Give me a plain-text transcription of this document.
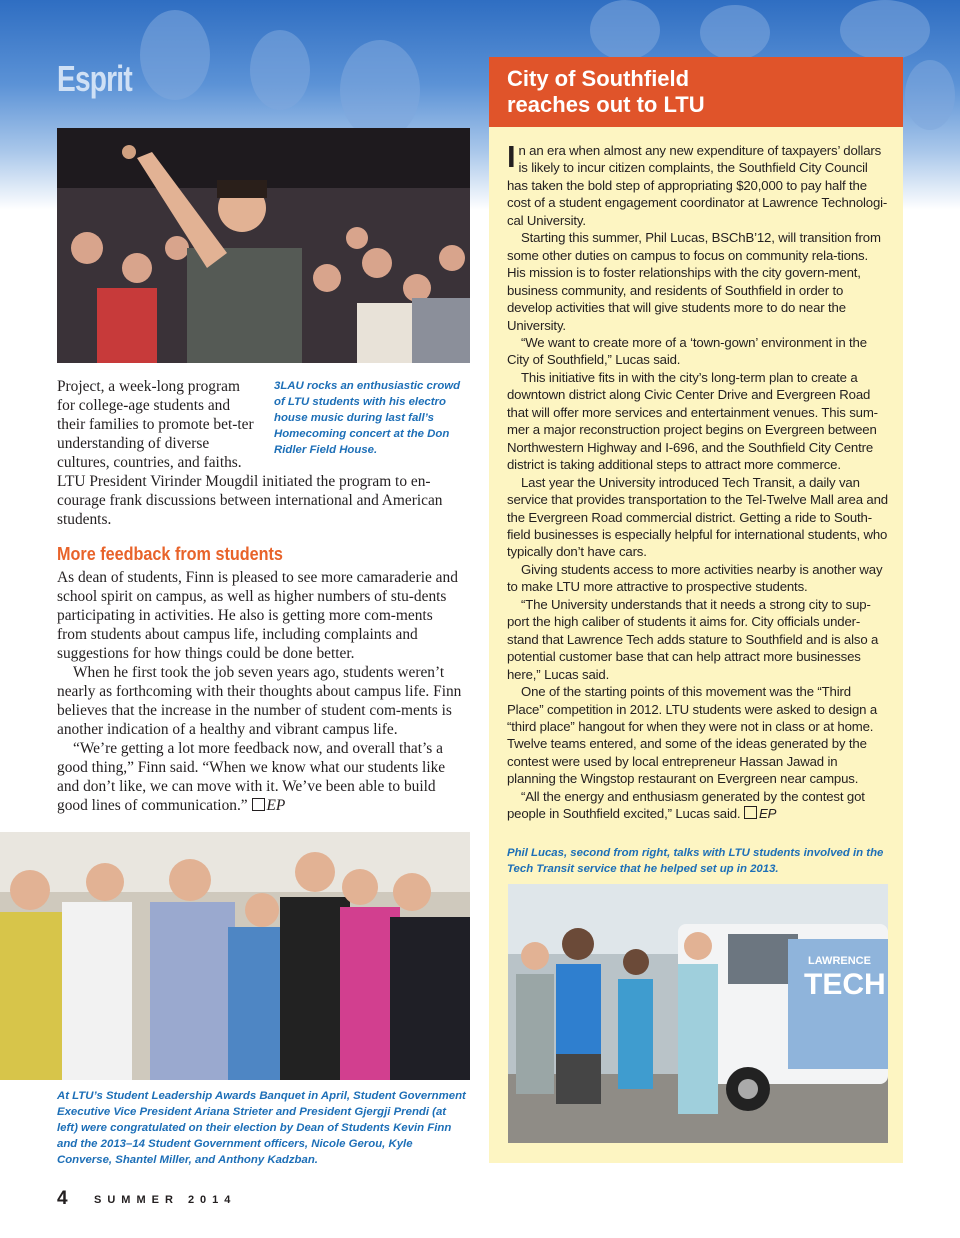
Esprit
3LAU rocks an enthusiastic crowd of LTU students with his electro house music during last fall’s Homecoming concert at the Don Ridler Field House.
Project, a week-long program for college-age students and their families to promote bet-ter understanding of diverse cultures, countries, and faiths.
LTU President Virinder Mougdil initiated the program to en-courage frank discussions between international and American students.
More feedback from students

As dean of students, Finn is pleased to see more camaraderie and school spirit on campus, as well as higher numbers of stu-dents participating in activities. He also is getting more com-ments from students about campus life, including complaints and suggestions for how things could be done better.

When he first took the job seven years ago, students weren’t nearly as forthcoming with their thoughts about campus life. Finn believes that the increase in the number of student com-ments is another indication of a healthy and vibrant campus life.

“We’re getting a lot more feedback now, and overall that’s a good thing,” Finn said. “When we know what our students like and don’t like, we can move with it. We’ve been able to build good lines of communication.” EP

At LTU’s Student Leadership Awards Banquet in April, Student Government Executive Vice President Ariana Strieter and President Gjergji Prendi (at left) were congratulated on their election by Dean of Students Kevin Finn and the 2013–14 Student Government officers, Nicole Gerou, Kyle Converse, Shantel Miller, and Anthony Kadzban.
City of Southfield
reaches out to LTU

In an era when almost any new expenditure of taxpayers’ dollars is likely to incur citizen complaints, the Southfield City Council has taken the bold step of appropriating $20,000 to pay half the cost of a student engagement coordinator at Lawrence Technologi-cal University.

Starting this summer, Phil Lucas, BSChB’12, will transition from some other duties on campus to focus on community rela-tions. His mission is to foster relationships with the city govern-ment, business community, and residents of Southfield in order to develop activities that will give students more to do near the University.

“We want to create more of a ‘town-gown’ environment in the City of Southfield,” Lucas said.

This initiative fits in with the city’s long-term plan to create a downtown district along Civic Center Drive and Evergreen Road that will offer more services and entertainment venues. This sum-mer a major reconstruction project begins on Evergreen between Northwestern Highway and I-696, and the Southfield City Centre district is taking additional steps to attract more commerce.

Last year the University introduced Tech Transit, a daily van service that provides transportation to the Tel-Twelve Mall area and the Evergreen Road commercial district. Getting a ride to South-field businesses is especially helpful for international students, who typically don’t have cars.

Giving students access to more activities nearby is another way to make LTU more attractive to prospective students.

“The University understands that it needs a strong city to sup-port the high caliber of students it aims for. City officials under-stand that Lawrence Tech adds stature to Southfield and is also a potential customer base that can help attract more businesses here,” Lucas said.

One of the starting points of this movement was the “Third Place” competition in 2012. LTU students were asked to design a “third place” hangout for when they were not in class or at home. Twelve teams entered, and some of the ideas generated by the contest were used by local entrepreneur Hassan Jawad in planning the Wingstop restaurant on Evergreen near campus.

“All the energy and enthusiasm generated by the contest got people in Southfield excited,” Lucas said. EP

Phil Lucas, second from right, talks with LTU students involved in the Tech Transit service that he helped set up in 2013.
LAWRENCE
TECH
4 SUMMER 2014
